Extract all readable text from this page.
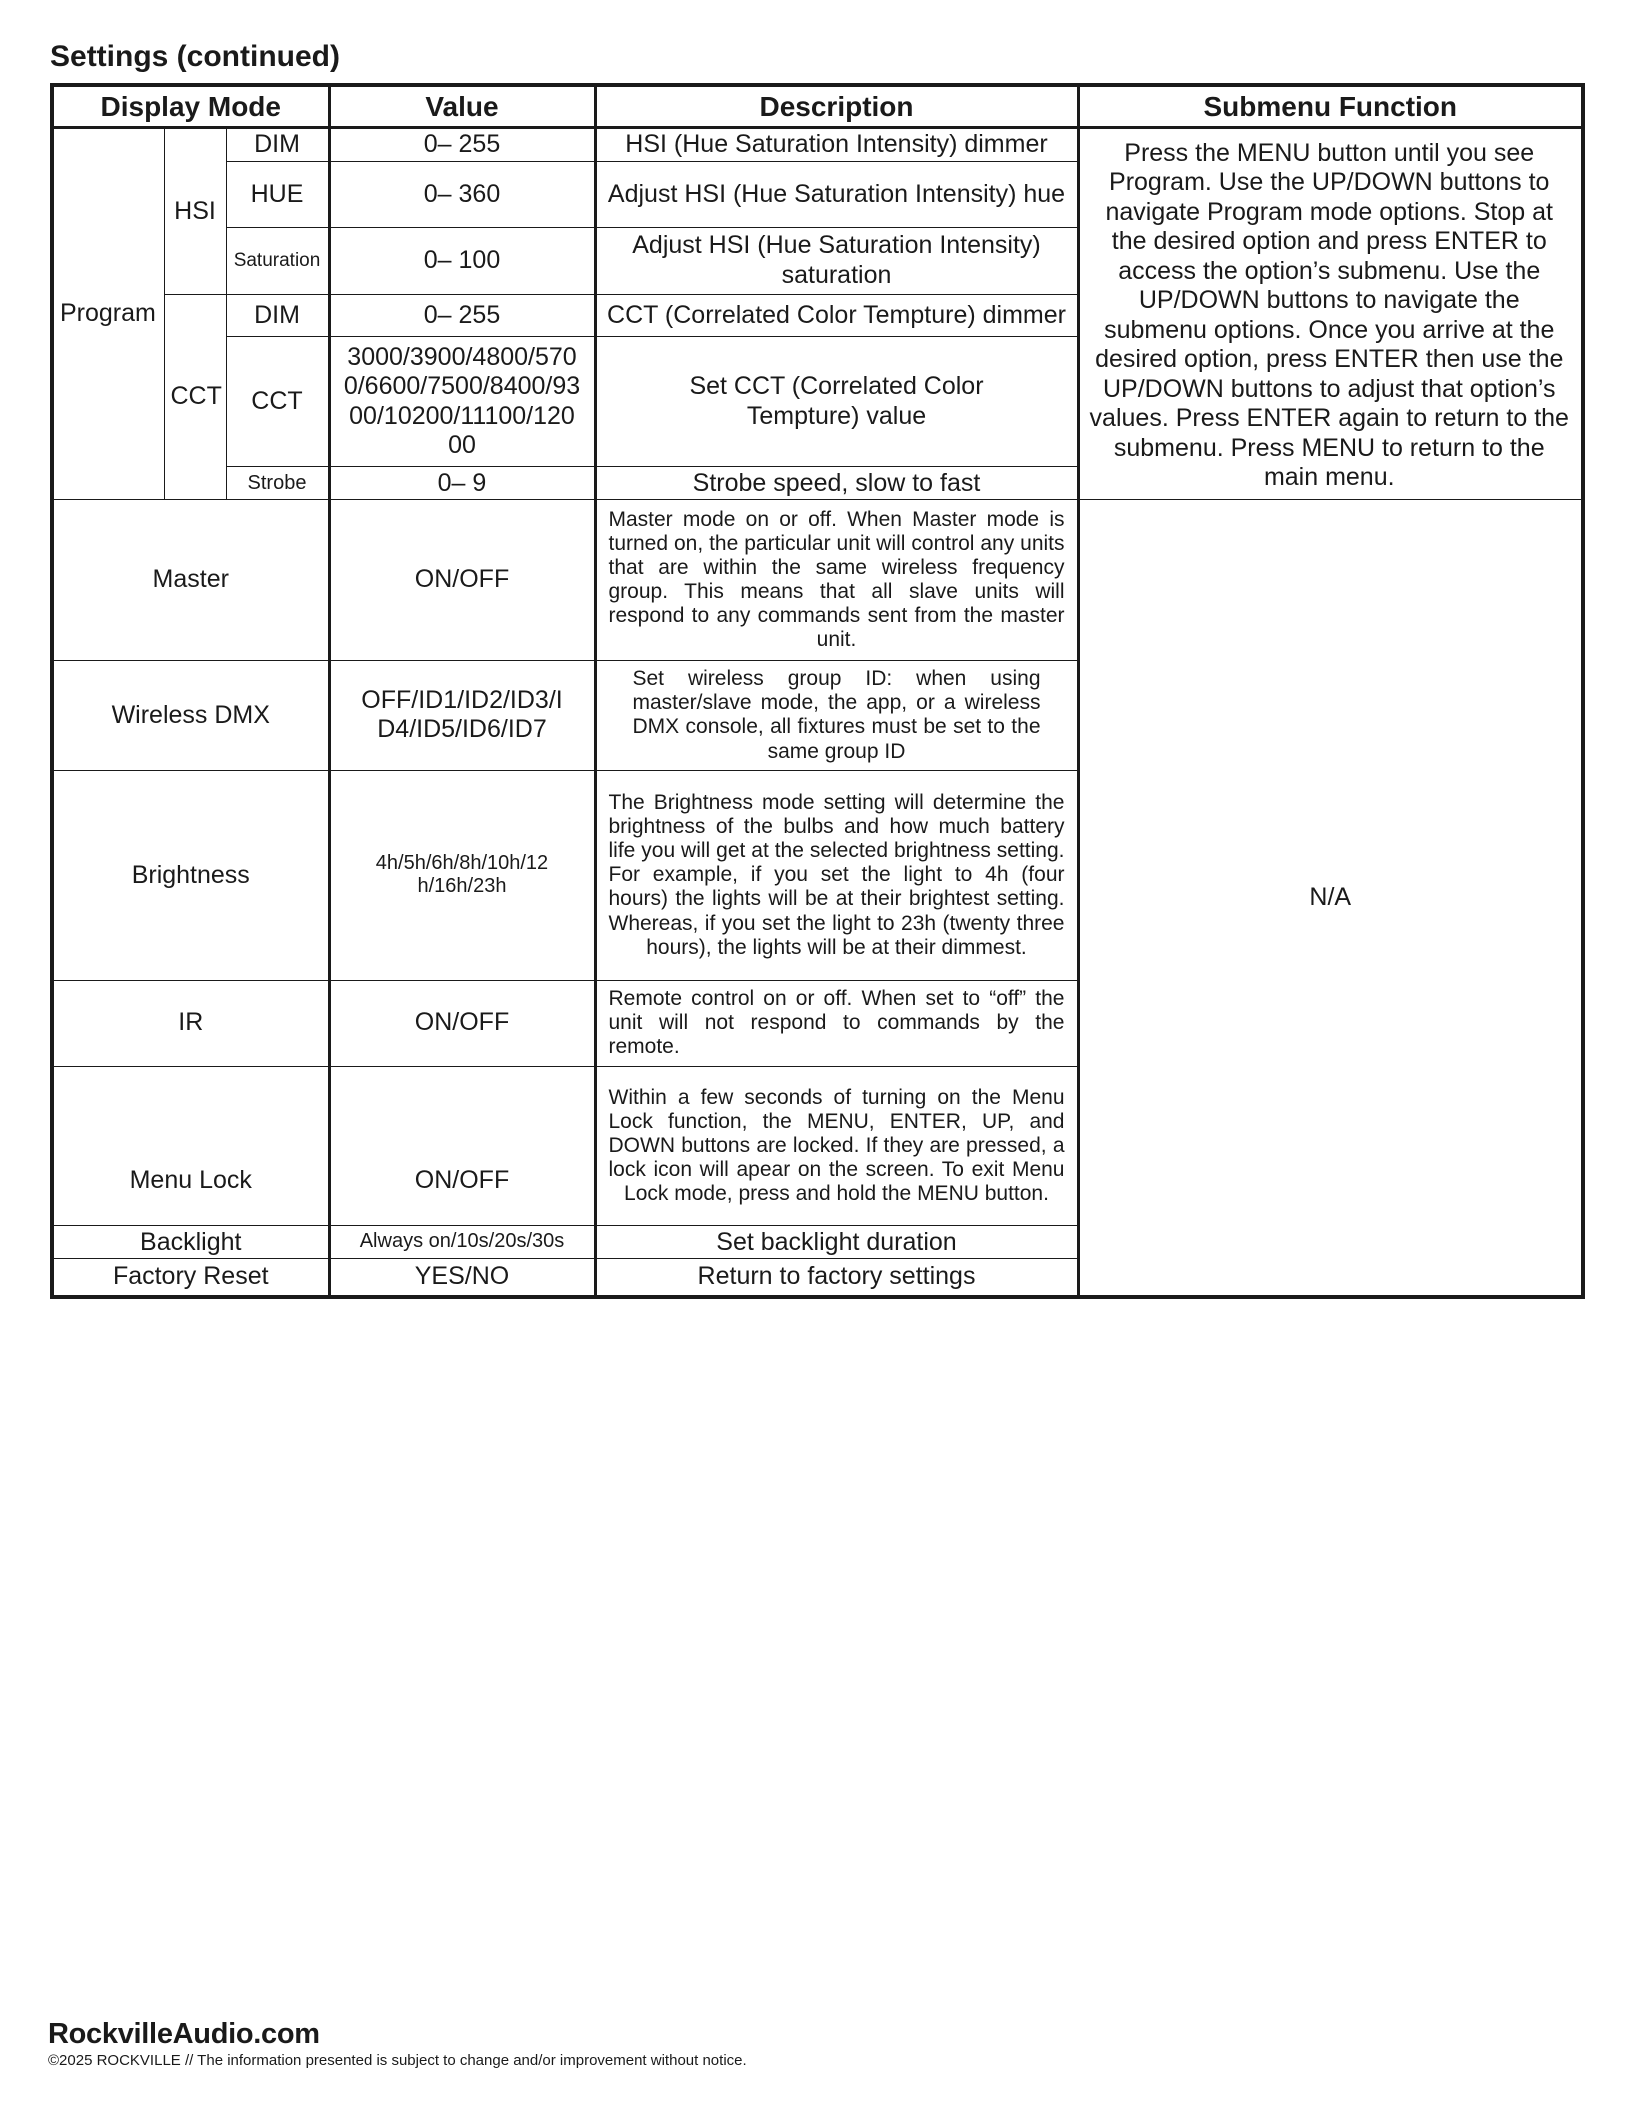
Settings (continued)
Display Mode			Value	Description	Submenu Function
Program	HSI	DIM	0– 255	HSI (Hue Saturation Intensity) dimmer	Press the MENU button until you see Program. Use the UP/DOWN buttons to navigate Program mode options. Stop at the desired option and press ENTER to access the option’s submenu. Use the UP/DOWN buttons to navigate the submenu options. Once you arrive at the desired option, press ENTER then use the UP/DOWN buttons to adjust that option’s values. Press ENTER again to return to the submenu. Press MENU to return to the main menu.
		HUE	0– 360	Adjust HSI (Hue Saturation Intensity) hue	
		Saturation	0– 100	Adjust HSI (Hue Saturation Intensity) saturation	
	CCT	DIM	0– 255	CCT (Correlated Color Tempture) dimmer	
		CCT	3000/3900/4800/5700/6600/7500/8400/9300/10200/11100/12000	Set CCT (Correlated Color Tempture) value	
		Strobe	0– 9	Strobe speed, slow to fast	
Master			ON/OFF	Master mode on or off. When Master mode is turned on, the particular unit will control any units that are within the same wireless frequency group. This means that all slave units will respond to any commands sent from the master unit.	N/A
Wireless DMX			OFF/ID1/ID2/ID3/ID4/ID5/ID6/ID7	Set wireless group ID: when using master/slave mode, the app, or a wireless DMX console, all fixtures must be set to the same group ID	
Brightness			4h/5h/6h/8h/10h/12h/16h/23h	The Brightness mode setting will determine the brightness of the bulbs and how much battery life you will get at the selected brightness setting. For example, if you set the light to 4h (four hours) the lights will be at their brightest setting. Whereas, if you set the light to 23h (twenty three hours), the lights will be at their dimmest.	
IR			ON/OFF	Remote control on or off. When set to “off” the unit will not respond to commands by the remote.	
Menu Lock			ON/OFF	Within a few seconds of turning on the Menu Lock function, the MENU, ENTER, UP, and DOWN buttons are locked. If they are pressed, a lock icon will apear on the screen. To exit Menu Lock mode, press and hold the MENU button.	
Backlight			Always on/10s/20s/30s	Set backlight duration	
Factory Reset			YES/NO	Return to factory settings	
RockvilleAudio.com
©2025 ROCKVILLE // The information presented is subject to change and/or improvement without notice.
